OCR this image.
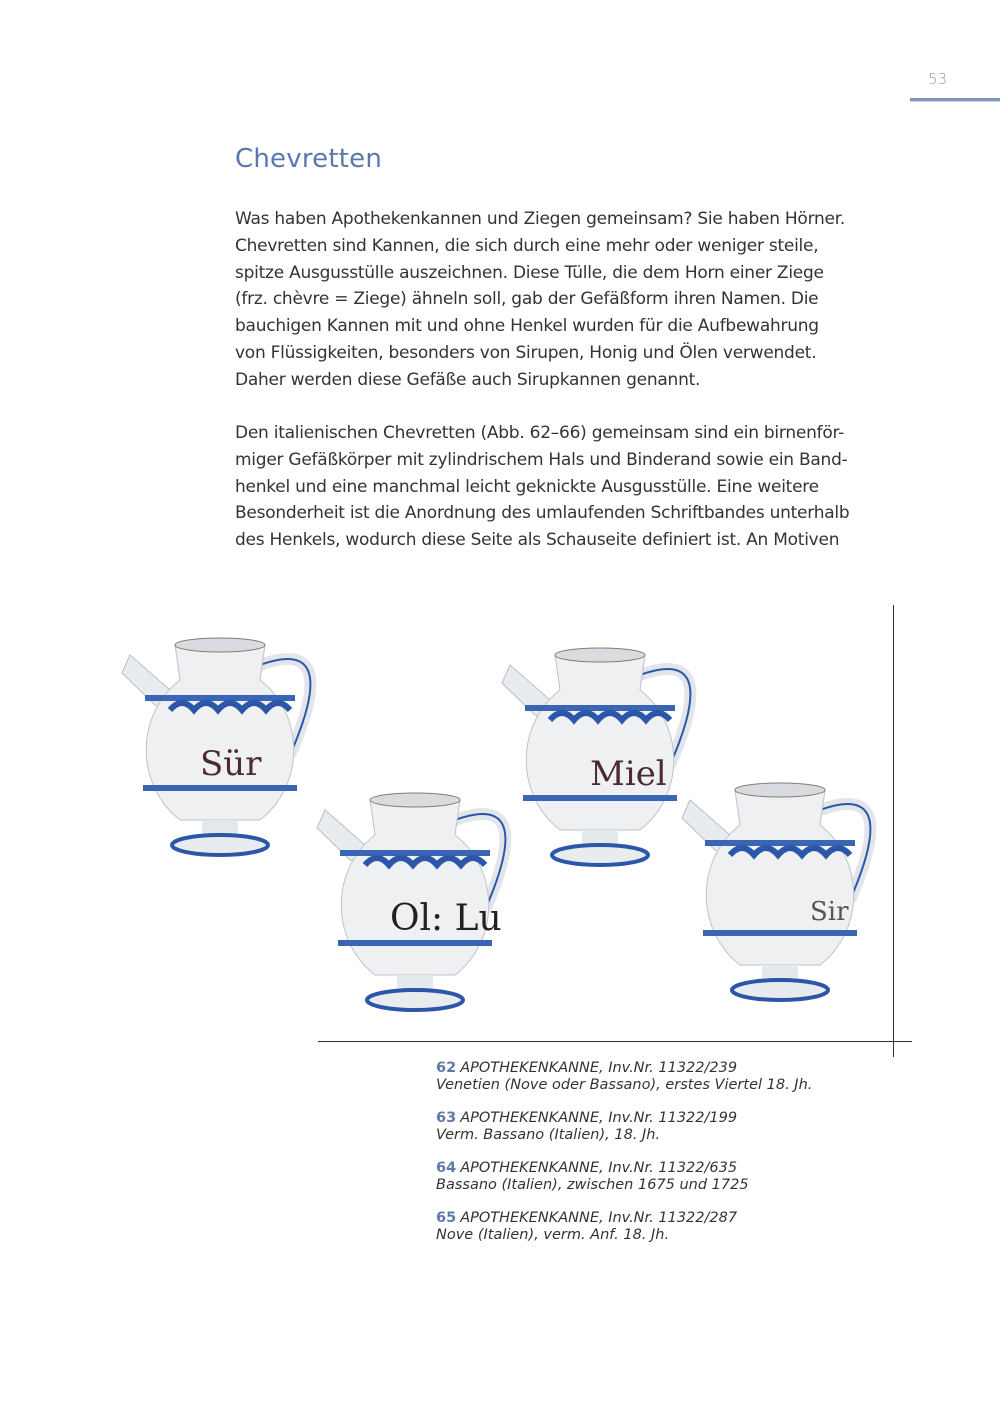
53
Chevretten
Was haben Apothekenkannen und Ziegen gemeinsam? Sie haben Hörner.
Chevretten sind Kannen, die sich durch eine mehr oder weniger steile,
spitze Ausgusstülle auszeichnen. Diese Tülle, die dem Horn einer Ziege
(frz. chèvre = Ziege) ähneln soll, gab der Gefäßform ihren Namen. Die
bauchigen Kannen mit und ohne Henkel wurden für die Aufbewahrung
von Flüssigkeiten, besonders von Sirupen, Honig und Ölen verwendet.
Daher werden diese Gefäße auch Sirupkannen genannt.
Den italienischen Chevretten (Abb. 62–66) gemeinsam sind ein birnenför-
miger Gefäßkörper mit zylindrischem Hals und Binderand sowie ein Band-
henkel und eine manchmal leicht geknickte Ausgusstülle. Eine weitere
Besonderheit ist die Anordnung des umlaufenden Schriftbandes unterhalb
des Henkels, wodurch diese Seite als Schauseite definiert ist. An Motiven
Sür	Miel
Ol: Lu	Sir
62 APOTHEKENKANNE, Inv.Nr. 11322/239
Venetien (Nove oder Bassano), erstes Viertel 18. Jh.
63 APOTHEKENKANNE, Inv.Nr. 11322/199
Verm. Bassano (Italien), 18. Jh.
64 APOTHEKENKANNE, Inv.Nr. 11322/635
Bassano (Italien), zwischen 1675 und 1725
65 APOTHEKENKANNE, Inv.Nr. 11322/287
Nove (Italien), verm. Anf. 18. Jh.
